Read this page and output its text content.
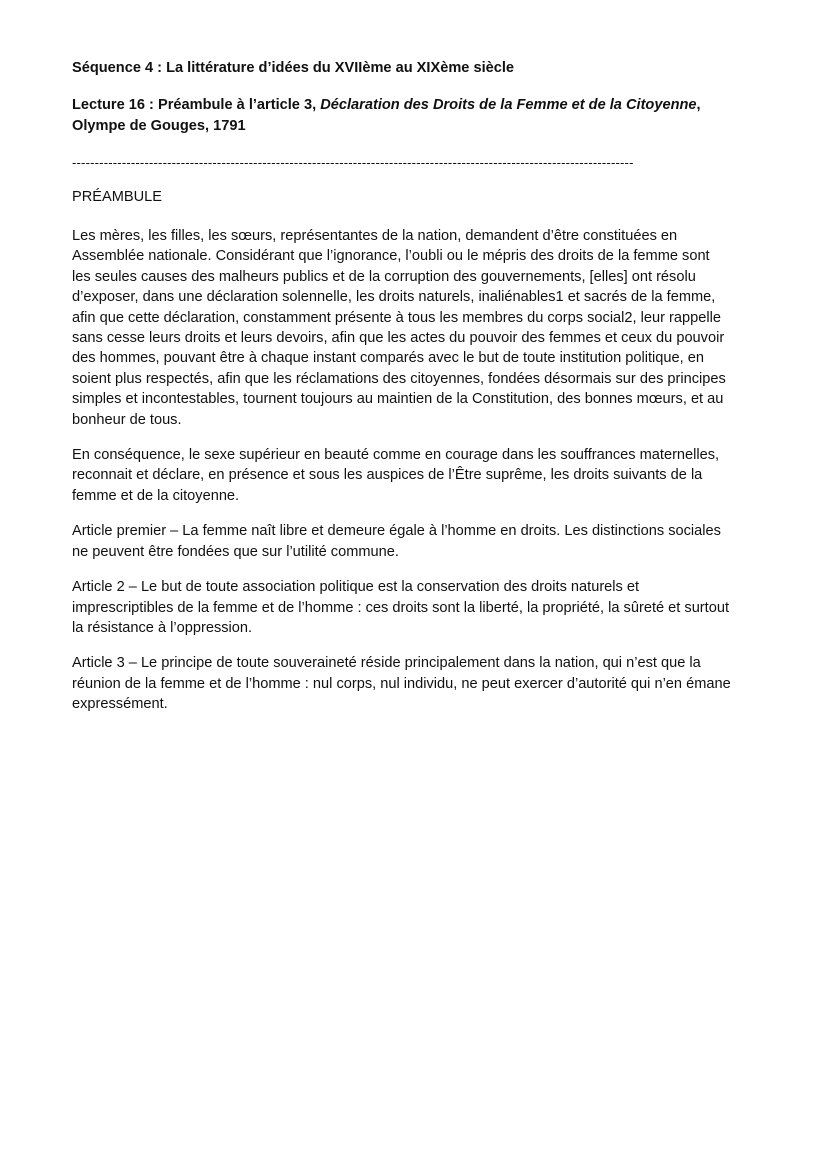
Séquence 4 : La littérature d’idées du XVIIème au XIXème siècle

Lecture 16 : Préambule à l’article 3, Déclaration des Droits de la Femme et de la Citoyenne, Olympe de Gouges, 1791

----------------------------------------------------------------------------------------------------------------------------

PRÉAMBULE

Les mères, les filles, les sœurs, représentantes de la nation, demandent d’être constituées en Assemblée nationale. Considérant que l’ignorance, l’oubli ou le mépris des droits de la femme sont les seules causes des malheurs publics et de la corruption des gouvernements, [elles] ont résolu d’exposer, dans une déclaration solennelle, les droits naturels, inaliénables1 et sacrés de la femme, afin que cette déclaration, constamment présente à tous les membres du corps social2, leur rappelle sans cesse leurs droits et leurs devoirs, afin que les actes du pouvoir des femmes et ceux du pouvoir des hommes, pouvant être à chaque instant comparés avec le but de toute institution politique, en soient plus respectés, afin que les réclamations des citoyennes, fondées désormais sur des principes simples et incontestables, tournent toujours au maintien de la Constitution, des bonnes mœurs, et au bonheur de tous.

En conséquence, le sexe supérieur en beauté comme en courage dans les souffrances maternelles, reconnait et déclare, en présence et sous les auspices de l’Être suprême, les droits suivants de la femme et de la citoyenne.

Article premier – La femme naît libre et demeure égale à l’homme en droits. Les distinctions sociales ne peuvent être fondées que sur l’utilité commune.

Article 2 – Le but de toute association politique est la conservation des droits naturels et imprescriptibles de la femme et de l’homme : ces droits sont la liberté, la propriété, la sûreté et surtout la résistance à l’oppression.

Article 3 – Le principe de toute souveraineté réside principalement dans la nation, qui n’est que la réunion de la femme et de l’homme : nul corps, nul individu, ne peut exercer d’autorité qui n’en émane expressément.
